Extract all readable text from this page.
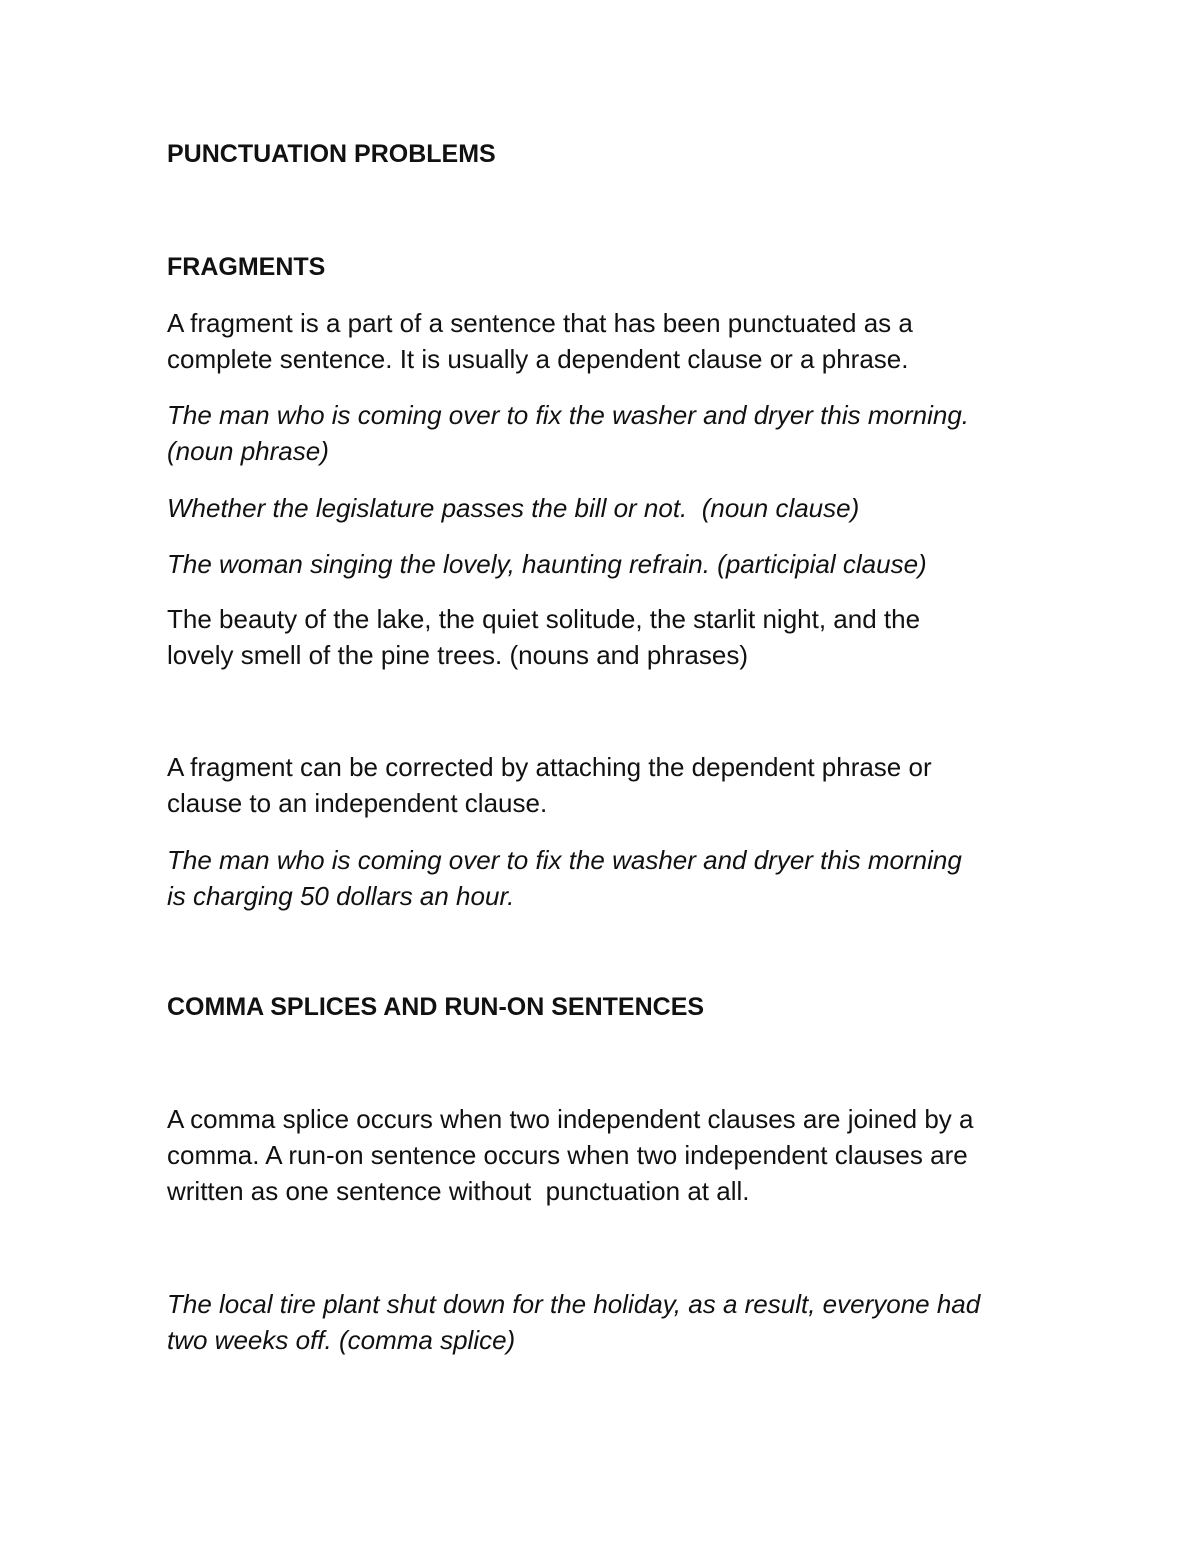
PUNCTUATION PROBLEMS

FRAGMENTS

A fragment is a part of a sentence that has been punctuated as a
complete sentence. It is usually a dependent clause or a phrase.

The man who is coming over to fix the washer and dryer this morning.
(noun phrase)

Whether the legislature passes the bill or not.  (noun clause)

The woman singing the lovely, haunting refrain. (participial clause)

The beauty of the lake, the quiet solitude, the starlit night, and the
lovely smell of the pine trees. (nouns and phrases)

A fragment can be corrected by attaching the dependent phrase or
clause to an independent clause.

The man who is coming over to fix the washer and dryer this morning
is charging 50 dollars an hour.

COMMA SPLICES AND RUN-ON SENTENCES

A comma splice occurs when two independent clauses are joined by a
comma. A run-on sentence occurs when two independent clauses are
written as one sentence without  punctuation at all.

The local tire plant shut down for the holiday, as a result, everyone had
two weeks off. (comma splice)
